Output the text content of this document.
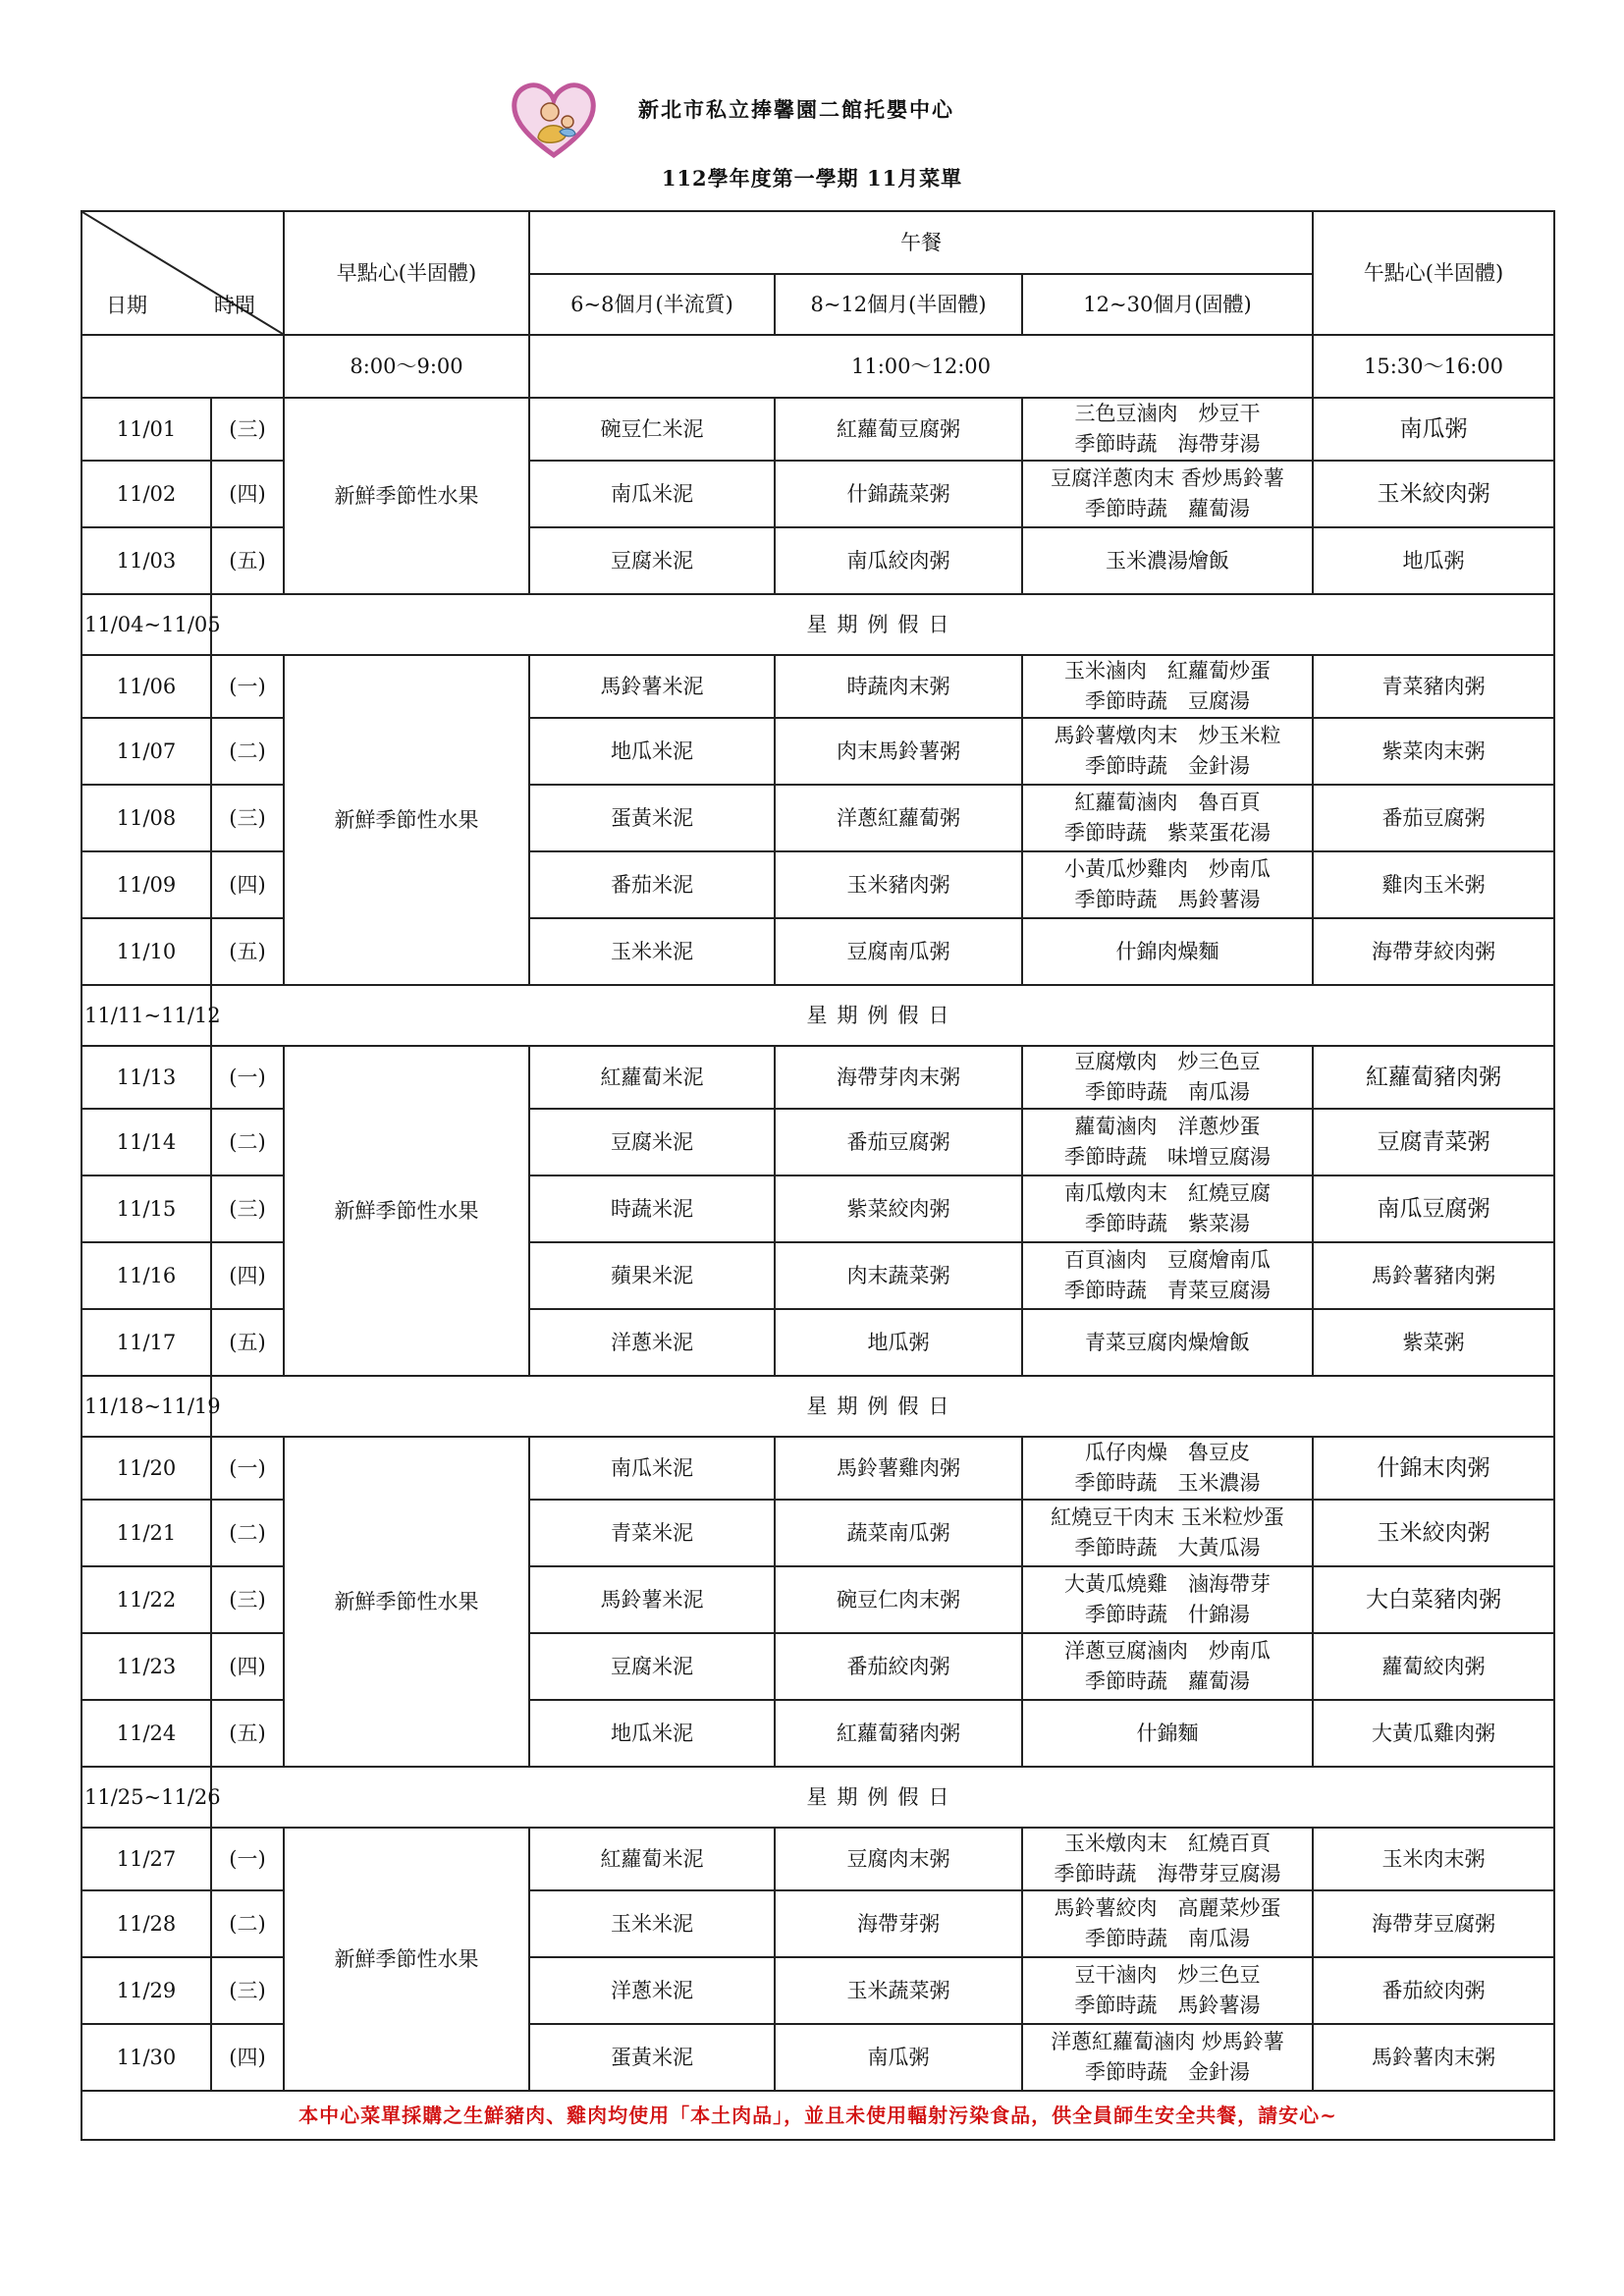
新北市私立捧馨園二館托嬰中心
112學年度第一學期 11月菜單
日期 時間		早點心(半固體)	午餐			午點心(半固體)
			6~8個月(半流質)	8~12個月(半固體)	12~30個月(固體)	
		8:00～9:00	11:00～12:00			15:30～16:00
11/01	(三)	新鮮季節性水果	碗豆仁米泥	紅蘿蔔豆腐粥	三色豆滷肉　炒豆干
季節時蔬　海帶芽湯	南瓜粥
11/02	(四)		南瓜米泥	什錦蔬菜粥	豆腐洋蔥肉末 香炒馬鈴薯
季節時蔬　蘿蔔湯	玉米絞肉粥
11/03	(五)		豆腐米泥	南瓜絞肉粥	玉米濃湯燴飯	地瓜粥
11/04~11/05	星期例假日					
11/06	(一)	新鮮季節性水果	馬鈴薯米泥	時蔬肉末粥	玉米滷肉　紅蘿蔔炒蛋
季節時蔬　豆腐湯	青菜豬肉粥
11/07	(二)		地瓜米泥	肉末馬鈴薯粥	馬鈴薯燉肉末　炒玉米粒
季節時蔬　金針湯	紫菜肉末粥
11/08	(三)		蛋黃米泥	洋蔥紅蘿蔔粥	紅蘿蔔滷肉　魯百頁
季節時蔬　紫菜蛋花湯	番茄豆腐粥
11/09	(四)		番茄米泥	玉米豬肉粥	小黃瓜炒雞肉　炒南瓜
季節時蔬　馬鈴薯湯	雞肉玉米粥
11/10	(五)		玉米米泥	豆腐南瓜粥	什錦肉燥麵	海帶芽絞肉粥
11/11~11/12	星期例假日					
11/13	(一)	新鮮季節性水果	紅蘿蔔米泥	海帶芽肉末粥	豆腐燉肉　炒三色豆
季節時蔬　南瓜湯	紅蘿蔔豬肉粥
11/14	(二)		豆腐米泥	番茄豆腐粥	蘿蔔滷肉　洋蔥炒蛋
季節時蔬　味增豆腐湯	豆腐青菜粥
11/15	(三)		時蔬米泥	紫菜絞肉粥	南瓜燉肉末　紅燒豆腐
季節時蔬　紫菜湯	南瓜豆腐粥
11/16	(四)		蘋果米泥	肉末蔬菜粥	百頁滷肉　豆腐燴南瓜
季節時蔬　青菜豆腐湯	馬鈴薯豬肉粥
11/17	(五)		洋蔥米泥	地瓜粥	青菜豆腐肉燥燴飯	紫菜粥
11/18~11/19	星期例假日					
11/20	(一)	新鮮季節性水果	南瓜米泥	馬鈴薯雞肉粥	瓜仔肉燥　魯豆皮
季節時蔬　玉米濃湯	什錦末肉粥
11/21	(二)		青菜米泥	蔬菜南瓜粥	紅燒豆干肉末 玉米粒炒蛋
季節時蔬　大黃瓜湯	玉米絞肉粥
11/22	(三)		馬鈴薯米泥	碗豆仁肉末粥	大黃瓜燒雞　滷海帶芽
季節時蔬　什錦湯	大白菜豬肉粥
11/23	(四)		豆腐米泥	番茄絞肉粥	洋蔥豆腐滷肉　炒南瓜
季節時蔬　蘿蔔湯	蘿蔔絞肉粥
11/24	(五)		地瓜米泥	紅蘿蔔豬肉粥	什錦麵	大黃瓜雞肉粥
11/25~11/26	星期例假日					
11/27	(一)	新鮮季節性水果	紅蘿蔔米泥	豆腐肉末粥	玉米燉肉末　紅燒百頁
季節時蔬　海帶芽豆腐湯	玉米肉末粥
11/28	(二)		玉米米泥	海帶芽粥	馬鈴薯絞肉　高麗菜炒蛋
季節時蔬　南瓜湯	海帶芽豆腐粥
11/29	(三)		洋蔥米泥	玉米蔬菜粥	豆干滷肉　炒三色豆
季節時蔬　馬鈴薯湯	番茄絞肉粥
11/30	(四)		蛋黃米泥	南瓜粥	洋蔥紅蘿蔔滷肉 炒馬鈴薯
季節時蔬　金針湯	馬鈴薯肉末粥
本中心菜單採購之生鮮豬肉、雞肉均使用「本土肉品」，並且未使用輻射污染食品，供全員師生安全共餐，請安心~						
